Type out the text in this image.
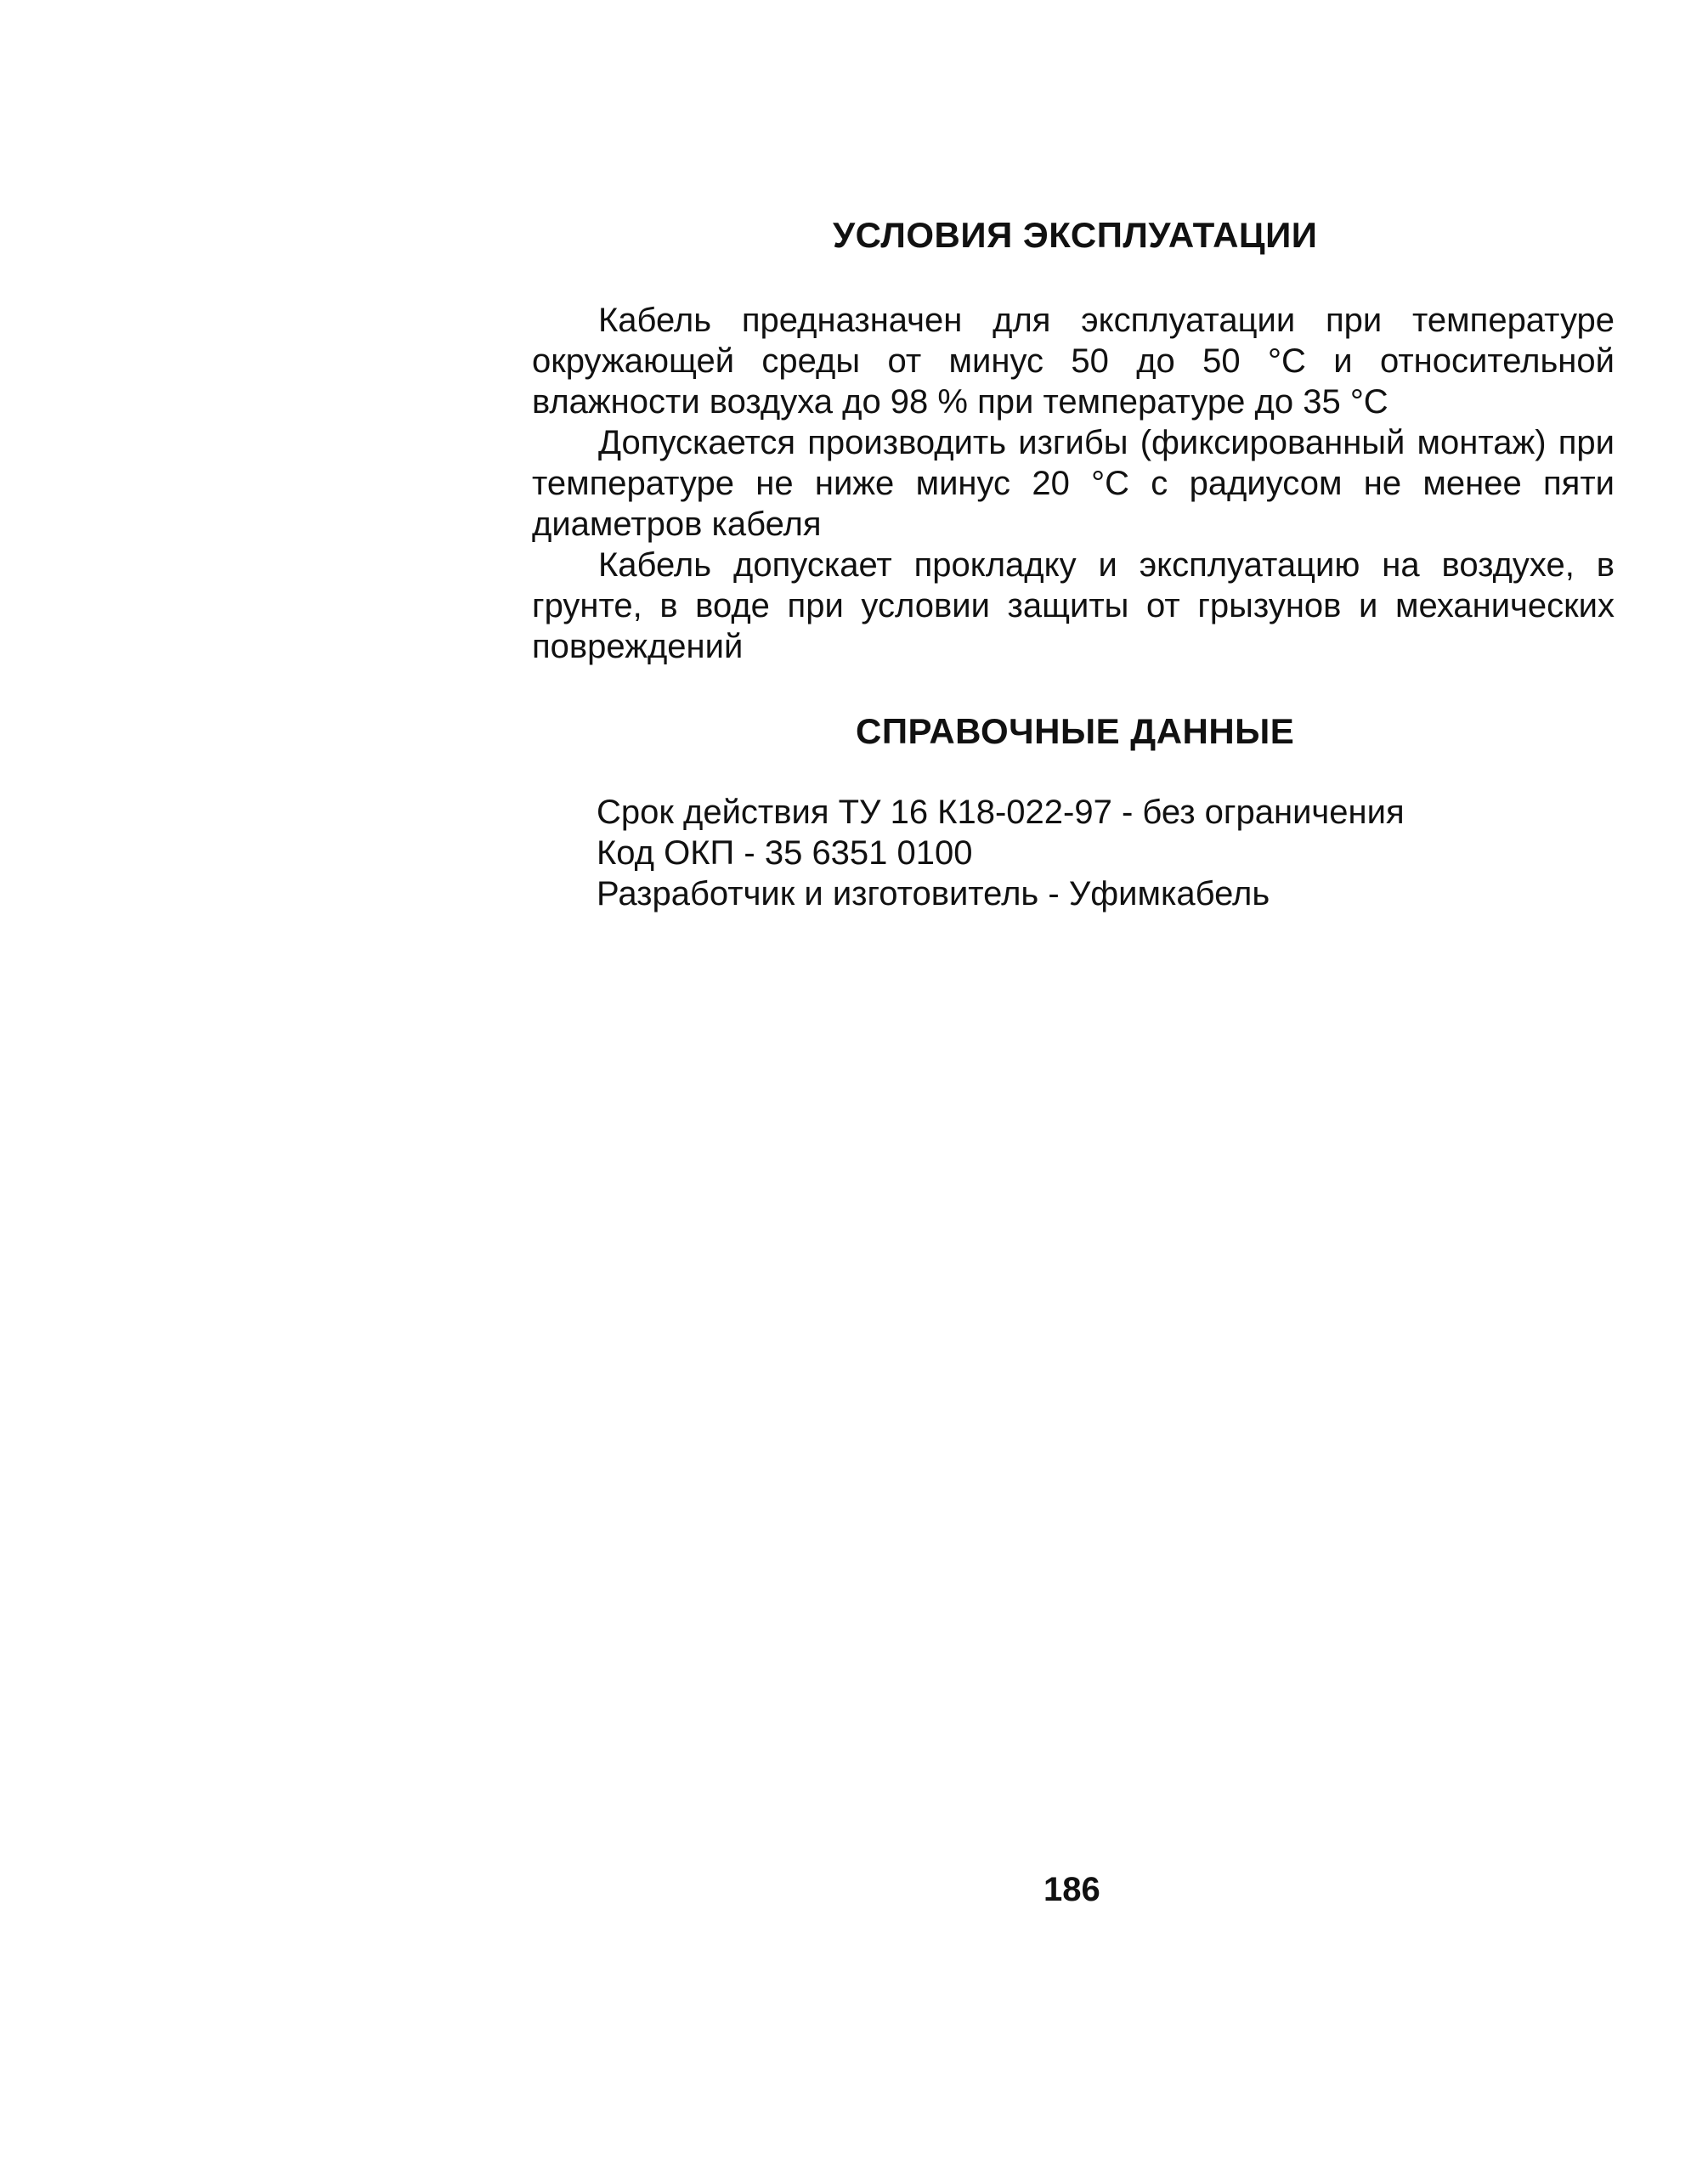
УСЛОВИЯ ЭКСПЛУАТАЦИИ

Кабель предназначен для эксплуатации при температуре окружающей среды от минус 50 до 50 °С и относительной влажности воздуха до 98 % при температуре до 35 °С

Допускается производить изгибы (фиксированный монтаж) при температуре не ниже минус 20 °С с радиусом не менее пяти диаметров кабеля

Кабель допускает прокладку и эксплуатацию на воздухе, в грунте, в воде при условии защиты от грызунов и механических повреждений

СПРАВОЧНЫЕ ДАННЫЕ
Срок действия ТУ 16 К18-022-97 - без ограничения
Код ОКП - 35 6351 0100
Разработчик и изготовитель - Уфимкабель

186
